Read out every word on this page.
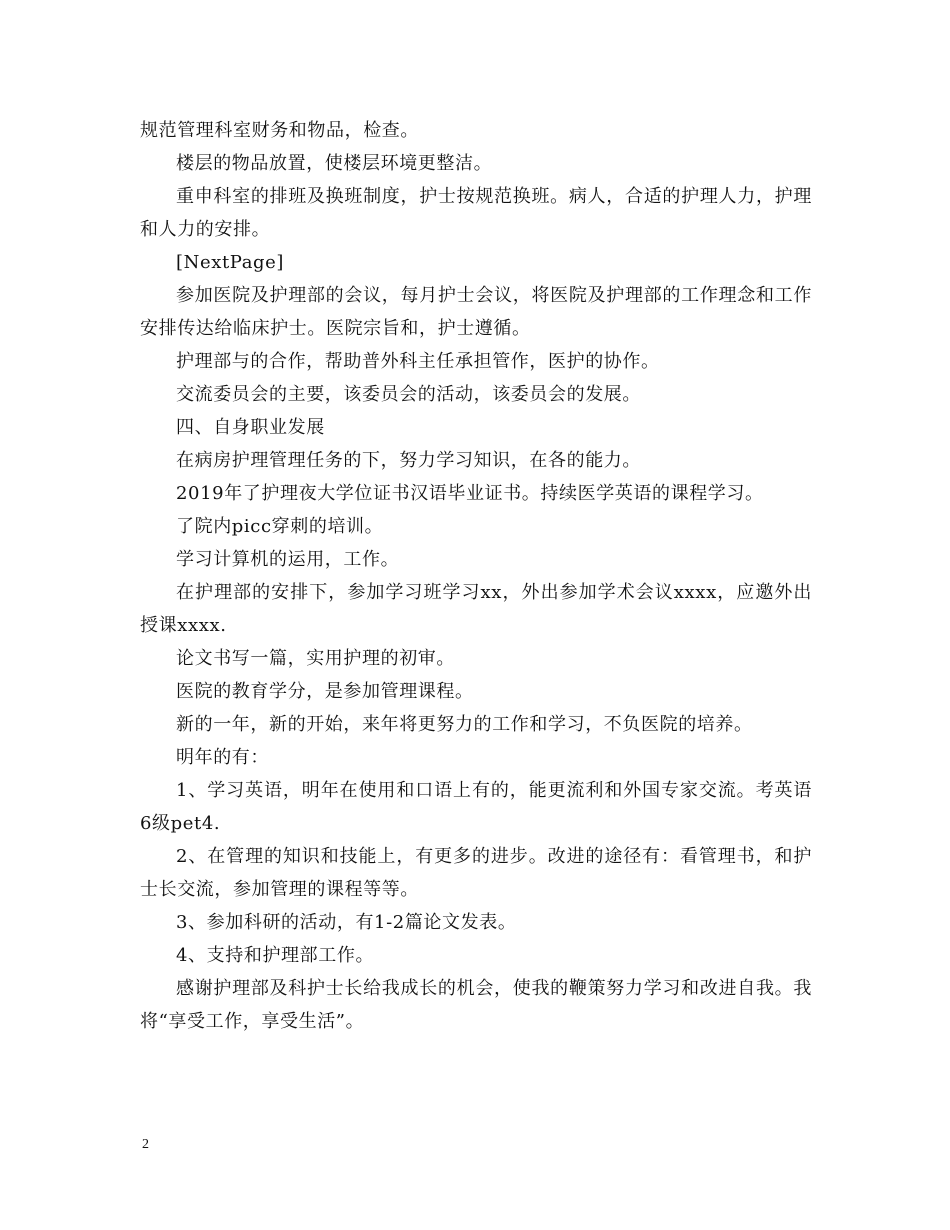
规范管理科室财务和物品，检查。

楼层的物品放置，使楼层环境更整洁。

重申科室的排班及换班制度，护士按规范换班。病人，合适的护理人力，护理和人力的安排。

[NextPage]

参加医院及护理部的会议，每月护士会议，将医院及护理部的工作理念和工作安排传达给临床护士。医院宗旨和，护士遵循。

护理部与的合作，帮助普外科主任承担管作，医护的协作。

交流委员会的主要，该委员会的活动，该委员会的发展。

四、自身职业发展

在病房护理管理任务的下，努力学习知识，在各的能力。

2019年了护理夜大学位证书汉语毕业证书。持续医学英语的课程学习。

了院内picc穿刺的培训。

学习计算机的运用，工作。

在护理部的安排下，参加学习班学习xx，外出参加学术会议xxxx，应邀外出授课xxxx.

论文书写一篇，实用护理的初审。

医院的教育学分，是参加管理课程。

新的一年，新的开始，来年将更努力的工作和学习，不负医院的培养。

明年的有：

1、学习英语，明年在使用和口语上有的，能更流利和外国专家交流。考英语6级pet4.

2、在管理的知识和技能上，有更多的进步。改进的途径有：看管理书，和护士长交流，参加管理的课程等等。

3、参加科研的活动，有1-2篇论文发表。

4、支持和护理部工作。

感谢护理部及科护士长给我成长的机会，使我的鞭策努力学习和改进自我。我将“享受工作，享受生活”。

2
